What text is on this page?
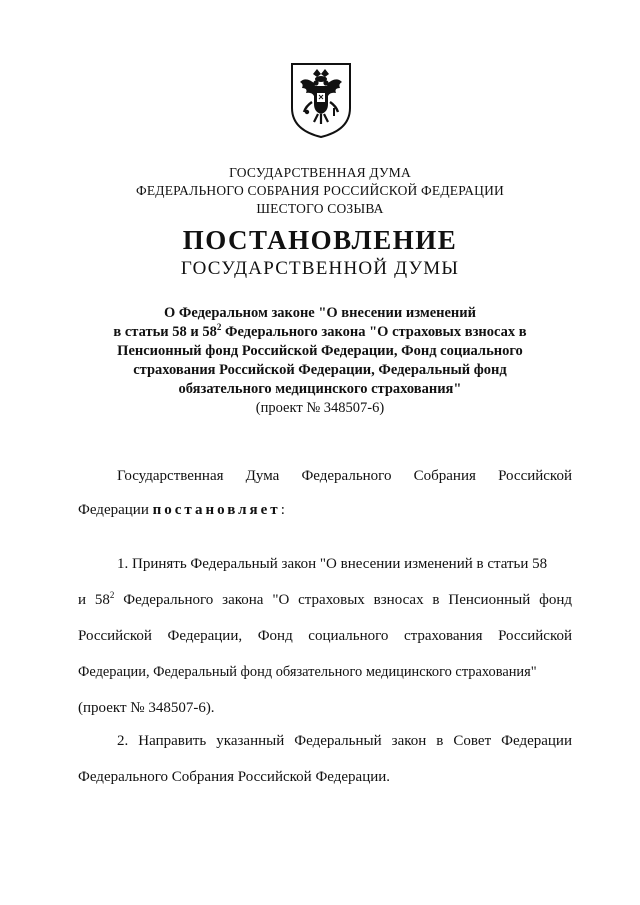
ГОСУДАРСТВЕННАЯ ДУМА
ФЕДЕРАЛЬНОГО СОБРАНИЯ РОССИЙСКОЙ ФЕДЕРАЦИИ
ШЕСТОГО СОЗЫВА
ПОСТАНОВЛЕНИЕ
ГОСУДАРСТВЕННОЙ ДУМЫ
О Федеральном законе "О внесении изменений
в статьи 58 и $58^2$ Федерального закона "О страховых взносах в
Пенсионный фонд Российской Федерации, Фонд социального
страхования Российской Федерации, Федеральный фонд
обязательного медицинского страхования"
(проект № 348507-6)
Государственная Дума Федерального Собрания Российской
Федерации постановляет:
1. Принять Федеральный закон "О внесении изменений в статьи 58
и $58^2$ Федерального закона "О страховых взносах в Пенсионный фонд
Российской Федерации, Фонд социального страхования Российской
Федерации, Федеральный фонд обязательного медицинского страхования"
(проект № 348507-6).
2. Направить указанный Федеральный закон в Совет Федерации
Федерального Собрания Российской Федерации.
